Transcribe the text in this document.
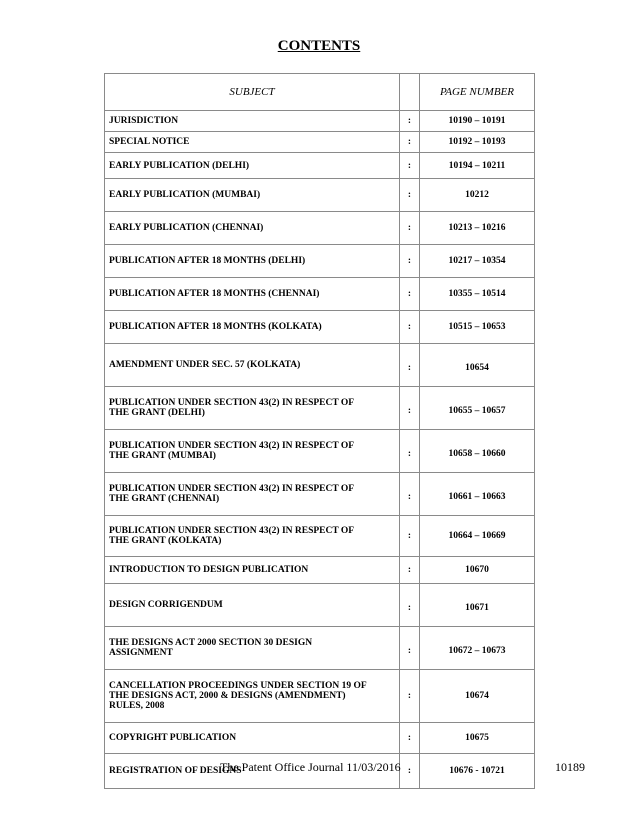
CONTENTS
SUBJECT		PAGE NUMBER
JURISDICTION	:	10190 – 10191
SPECIAL NOTICE	:	10192 – 10193
EARLY PUBLICATION (DELHI)	:	10194 – 10211
EARLY PUBLICATION (MUMBAI)	:	10212
EARLY PUBLICATION (CHENNAI)	:	10213 – 10216
PUBLICATION AFTER 18 MONTHS (DELHI)	:	10217 – 10354
PUBLICATION AFTER 18 MONTHS (CHENNAI)	:	10355 – 10514
PUBLICATION AFTER 18 MONTHS (KOLKATA)	:	10515 – 10653
AMENDMENT UNDER SEC. 57 (KOLKATA)	:	10654
PUBLICATION UNDER SECTION 43(2) IN RESPECT OF
THE GRANT (DELHI)	:	10655 – 10657
PUBLICATION UNDER SECTION 43(2) IN RESPECT OF
THE GRANT (MUMBAI)	:	10658 – 10660
PUBLICATION UNDER SECTION 43(2) IN RESPECT OF
THE GRANT (CHENNAI)	:	10661 – 10663
PUBLICATION UNDER SECTION 43(2) IN RESPECT OF
THE GRANT (KOLKATA)	:	10664 – 10669
INTRODUCTION TO DESIGN PUBLICATION	:	10670
DESIGN CORRIGENDUM	:	10671
THE DESIGNS ACT 2000 SECTION 30 DESIGN
ASSIGNMENT	:	10672 – 10673
CANCELLATION PROCEEDINGS UNDER SECTION 19 OF
THE DESIGNS ACT, 2000 & DESIGNS (AMENDMENT)
RULES, 2008	:	10674
COPYRIGHT PUBLICATION	:	10675
REGISTRATION OF DESIGNS	:	10676 - 10721
The Patent Office Journal 11/03/2016	10189
